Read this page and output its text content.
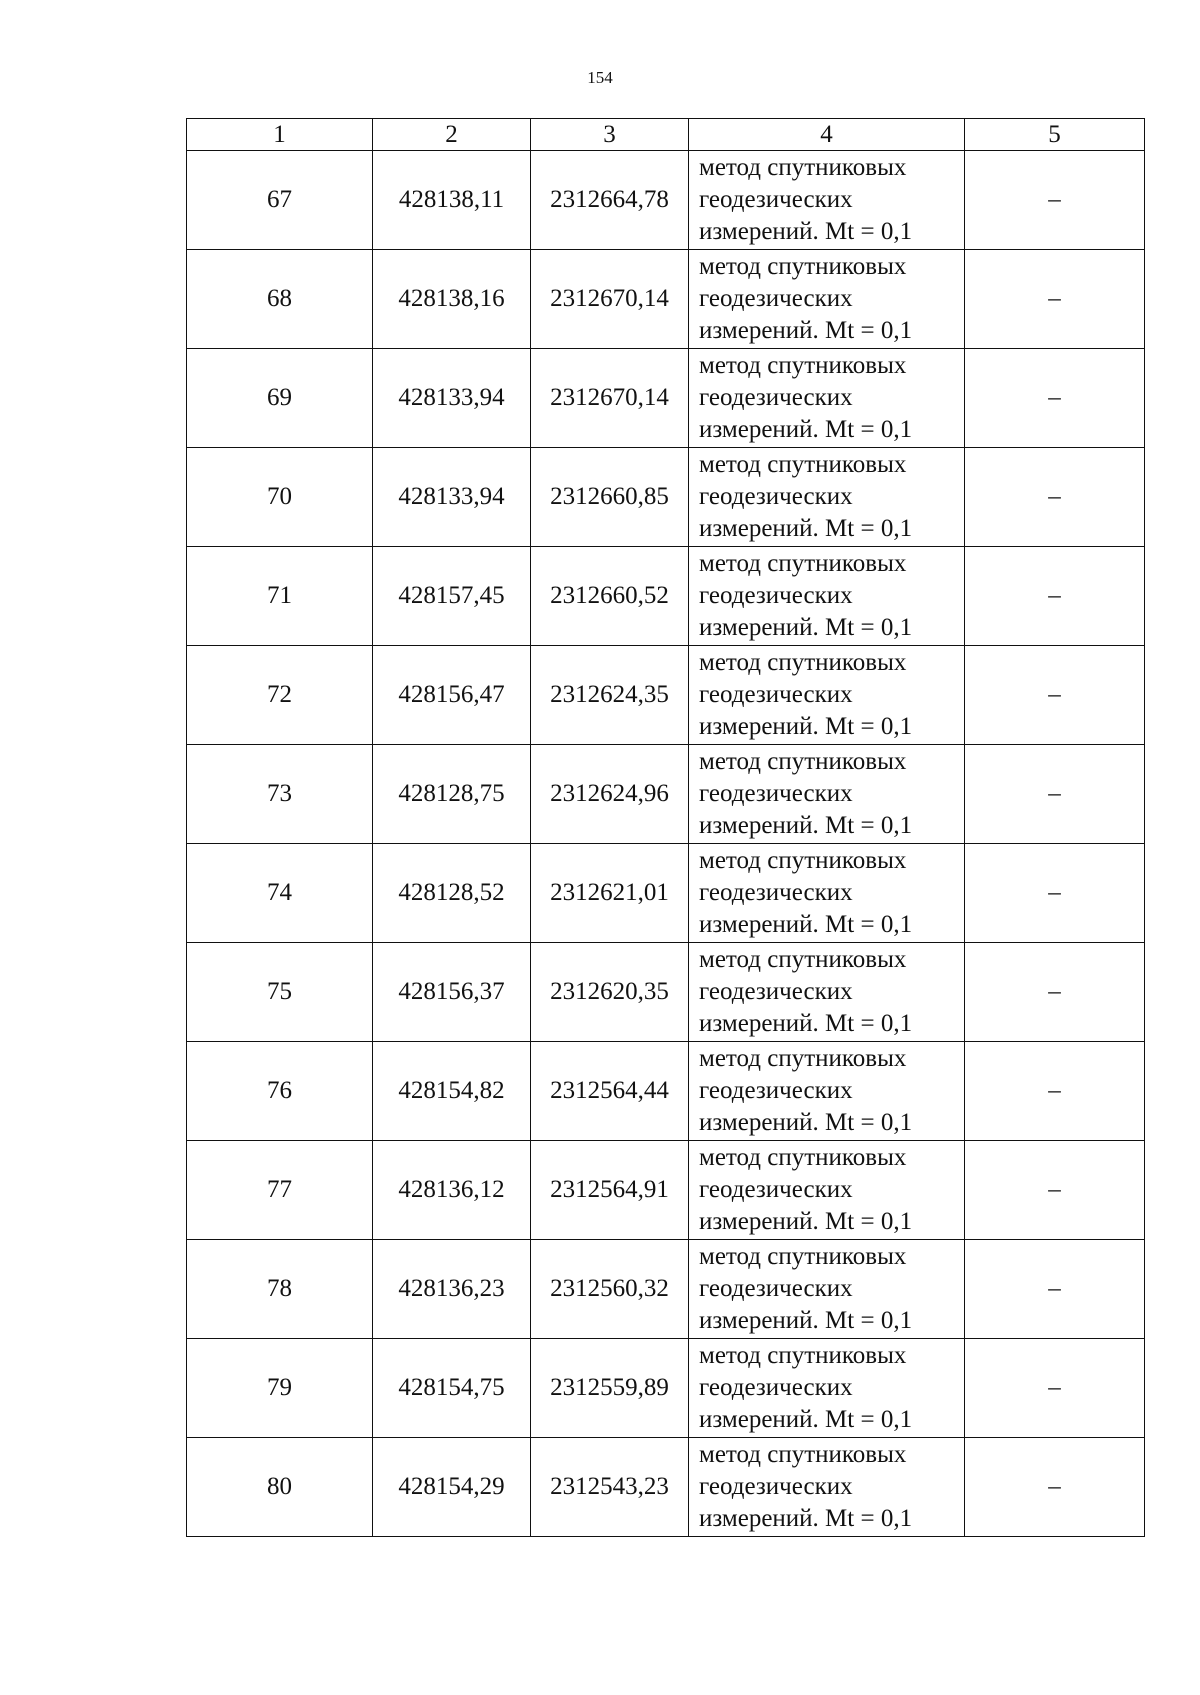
154
1	2	3	4	5
67	428138,11	2312664,78	метод спутниковых
геодезических
измерений. Mt = 0,1	–
68	428138,16	2312670,14	метод спутниковых
геодезических
измерений. Mt = 0,1	–
69	428133,94	2312670,14	метод спутниковых
геодезических
измерений. Mt = 0,1	–
70	428133,94	2312660,85	метод спутниковых
геодезических
измерений. Mt = 0,1	–
71	428157,45	2312660,52	метод спутниковых
геодезических
измерений. Mt = 0,1	–
72	428156,47	2312624,35	метод спутниковых
геодезических
измерений. Mt = 0,1	–
73	428128,75	2312624,96	метод спутниковых
геодезических
измерений. Mt = 0,1	–
74	428128,52	2312621,01	метод спутниковых
геодезических
измерений. Mt = 0,1	–
75	428156,37	2312620,35	метод спутниковых
геодезических
измерений. Mt = 0,1	–
76	428154,82	2312564,44	метод спутниковых
геодезических
измерений. Mt = 0,1	–
77	428136,12	2312564,91	метод спутниковых
геодезических
измерений. Mt = 0,1	–
78	428136,23	2312560,32	метод спутниковых
геодезических
измерений. Mt = 0,1	–
79	428154,75	2312559,89	метод спутниковых
геодезических
измерений. Mt = 0,1	–
80	428154,29	2312543,23	метод спутниковых
геодезических
измерений. Mt = 0,1	–
